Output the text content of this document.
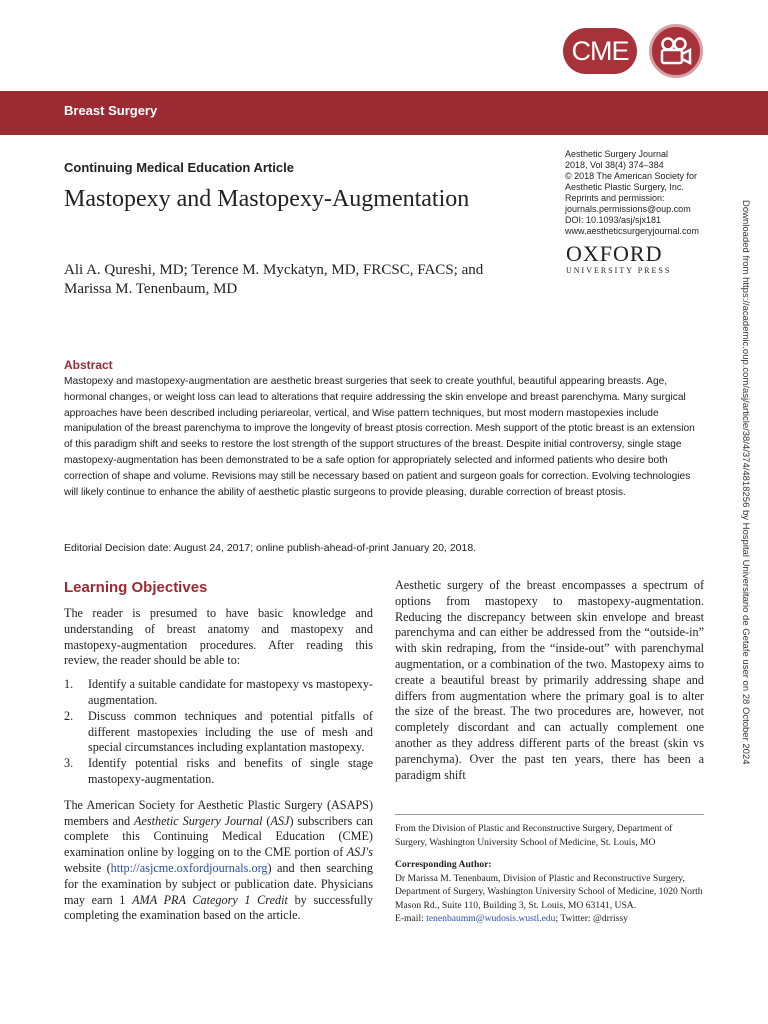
CME
Breast Surgery
Continuing Medical Education Article
Mastopexy and Mastopexy-Augmentation
Ali A. Qureshi, MD; Terence M. Myckatyn, MD, FRCSC, FACS; and
Marissa M. Tenenbaum, MD
Aesthetic Surgery Journal
2018, Vol 38(4) 374–384
© 2018 The American Society for
Aesthetic Plastic Surgery, Inc.
Reprints and permission:
journals.permissions@oup.com
DOI: 10.1093/asj/sjx181
www.aestheticsurgeryjournal.com
OXFORD
UNIVERSITY PRESS	Downloaded from https://academic.oup.com/asj/article/38/4/374/4818256 by Hospital Universitario de Getafe user on 28 October 2024
Abstract

Mastopexy and mastopexy-augmentation are aesthetic breast surgeries that seek to create youthful, beautiful appearing breasts. Age, hormonal changes, or weight loss can lead to alterations that require addressing the skin envelope and breast parenchyma. Many surgical approaches have been described including periareolar, vertical, and Wise pattern techniques, but most modern mastopexies include manipulation of the breast parenchyma to improve the longevity of breast ptosis correction. Mesh support of the ptotic breast is an extension of this paradigm shift and seeks to restore the lost strength of the support structures of the breast. Despite initial controversy, single stage mastopexy-augmentation has been demonstrated to be a safe option for appropriately selected and informed patients who desire both correction of shape and volume. Revisions may still be necessary based on patient and surgeon goals for correction. Evolving technologies will likely continue to enhance the ability of aesthetic plastic surgeons to provide pleasing, durable correction of breast ptosis.

Editorial Decision date: August 24, 2017; online publish-ahead-of-print January 20, 2018.
Learning Objectives

The reader is presumed to have basic knowledge and understanding of breast anatomy and mastopexy and mastopexy-augmentation procedures. After reading this review, the reader should be able to:

1. Identify a suitable candidate for mastopexy vs mastopexy-augmentation.
2. Discuss common techniques and potential pitfalls of different mastopexies including the use of mesh and special circumstances including explantation mastopexy.
3. Identify potential risks and benefits of single stage mastopexy-augmentation.

The American Society for Aesthetic Plastic Surgery (ASAPS) members and Aesthetic Surgery Journal (ASJ) subscribers can complete this Continuing Medical Education (CME) examination online by logging on to the CME portion of ASJ's website (http://asjcme.oxfordjournals.org) and then searching for the examination by subject or publication date. Physicians may earn 1 AMA PRA Category 1 Credit by successfully completing the examination based on the article.

Aesthetic surgery of the breast encompasses a spectrum of options from mastopexy to mastopexy-augmentation. Reducing the discrepancy between skin envelope and breast parenchyma and can either be addressed from the “outside-in” with skin redraping, from the “inside-out” with parenchymal augmentation, or a combination of the two. Mastopexy aims to create a beautiful breast by primarily addressing shape and differs from augmentation where the primary goal is to alter the size of the breast. The two procedures are, however, not completely discordant and can actually complement one another as they address different parts of the breast (skin vs parenchyma). Over the past ten years, there has been a paradigm shift

From the Division of Plastic and Reconstructive Surgery, Department of Surgery, Washington University School of Medicine, St. Louis, MO

Corresponding Author:
Dr Marissa M. Tenenbaum, Division of Plastic and Reconstructive Surgery, Department of Surgery, Washington University School of Medicine, 1020 North Mason Rd., Suite 110, Building 3, St. Louis, MO 63141, USA.
E-mail: tenenbaumm@wudosis.wustl.edu; Twitter: @drrissy
